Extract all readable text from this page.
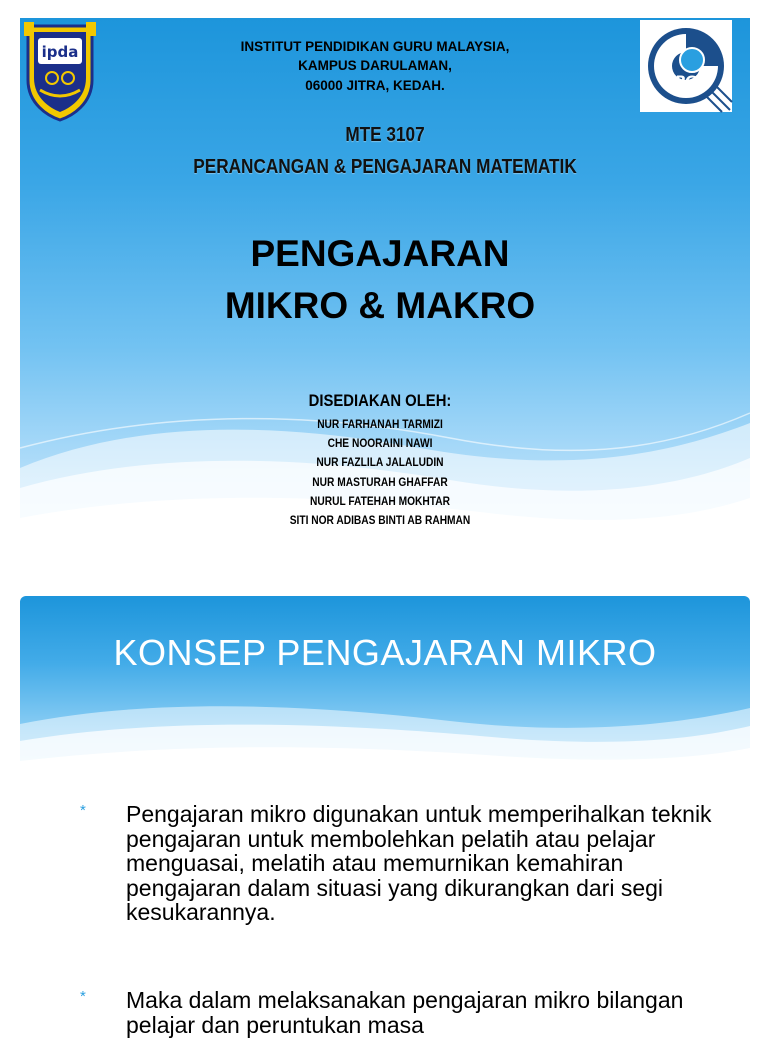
ipda
iPG
INSTITUT PENDIDIKAN GURU MALAYSIA,
KAMPUS DARULAMAN,
06000 JITRA, KEDAH.
MTE 3107
PERANCANGAN & PENGAJARAN MATEMATIK
PENGAJARAN
MIKRO & MAKRO
DISEDIAKAN OLEH:
NUR FARHANAH TARMIZI
CHE NOORAINI NAWI
NUR FAZLILA JALALUDIN
NUR MASTURAH GHAFFAR
NURUL FATEHAH MOKHTAR
SITI NOR ADIBAS BINTI AB RAHMAN
KONSEP PENGAJARAN MIKRO
* Pengajaran mikro digunakan untuk memperihalkan teknik pengajaran untuk membolehkan pelatih atau pelajar menguasai, melatih atau memurnikan kemahiran pengajaran dalam situasi yang dikurangkan dari segi kesukarannya.
* Maka dalam melaksanakan pengajaran mikro bilangan pelajar dan peruntukan masa
